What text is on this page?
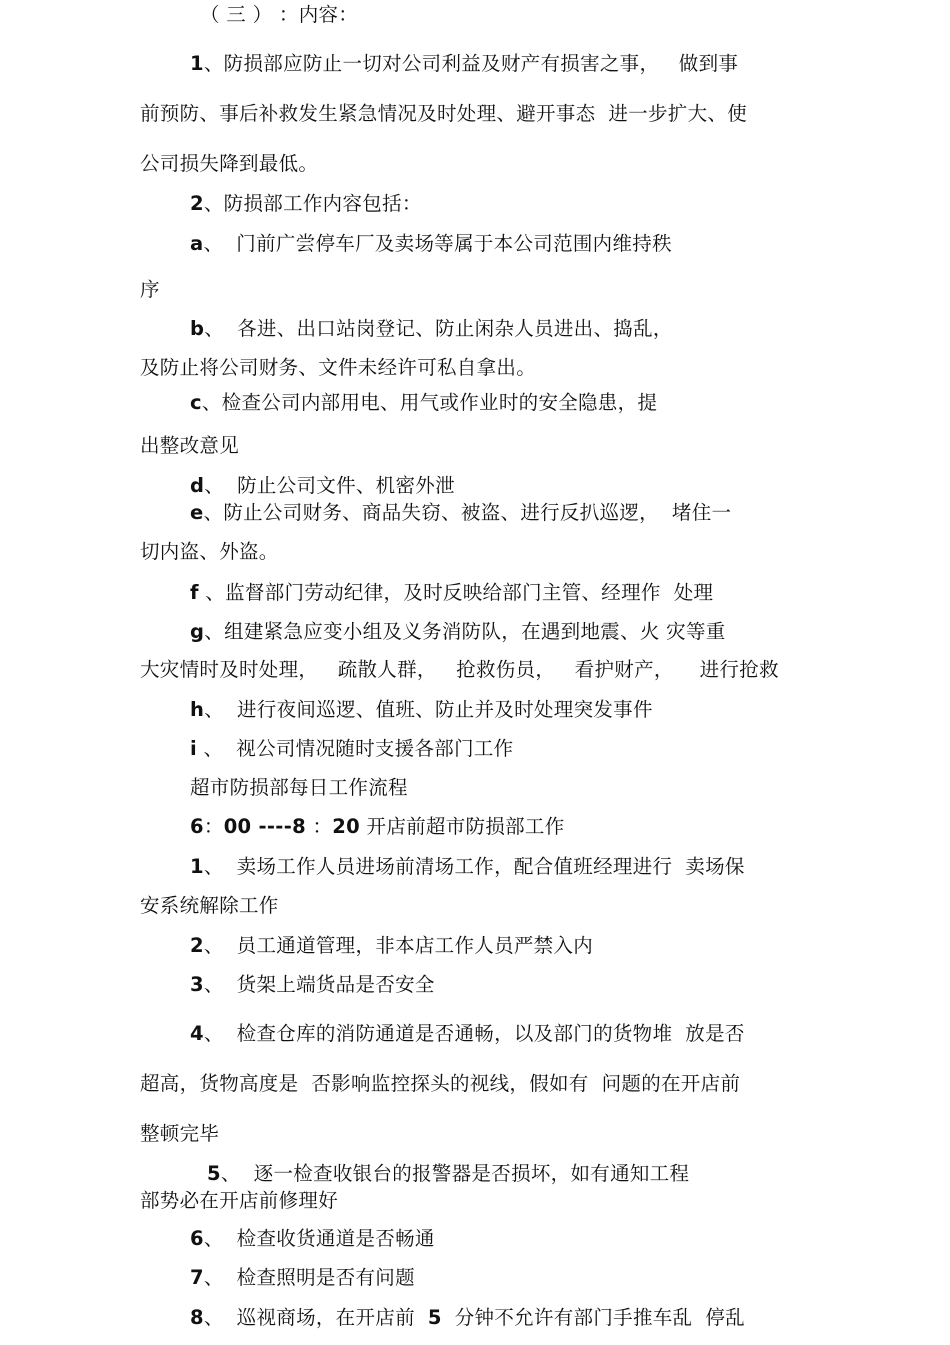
（ 三 ） ：内容：
1、防损部应防止一切对公司利益及财产有损害之事，   做到事
前预防、事后补救发生紧急情况及时处理、避开事态  进一步扩大、使
公司损失降到最低。
2、防损部工作内容包括：
a、  门前广尝停车厂及卖场等属于本公司范围内维持秩
序
b、  各进、出口站岗登记、防止闲杂人员进出、捣乱，
及防止将公司财务、文件未经许可私自拿出。
c、检查公司内部用电、用气或作业时的安全隐患，提
出整改意见
d、  防止公司文件、机密外泄
e、防止公司财务、商品失窃、被盗、进行反扒巡逻，  堵住一
切内盗、外盗。
f 、监督部门劳动纪律，及时反映给部门主管、经理作  处理
g、组建紧急应变小组及义务消防队，在遇到地震、火 灾等重
大灾情时及时处理，   疏散人群，   抢救伤员，   看护财产，    进行抢救
h、  进行夜间巡逻、值班、防止并及时处理突发事件
i 、  视公司情况随时支援各部门工作
超市防损部每日工作流程
6：00 ----8 ：20 开店前超市防损部工作
1、  卖场工作人员进场前清场工作，配合值班经理进行  卖场保
安系统解除工作
2、  员工通道管理，非本店工作人员严禁入内
3、  货架上端货品是否安全
4、  检查仓库的消防通道是否通畅，以及部门的货物堆  放是否
超高，货物高度是  否影响监控探头的视线，假如有  问题的在开店前
整顿完毕
5、  逐一检查收银台的报警器是否损坏，如有通知工程
部势必在开店前修理好
6、  检查收货通道是否畅通
7、  检查照明是否有问题
8、  巡视商场，在开店前  5  分钟不允许有部门手推车乱  停乱
